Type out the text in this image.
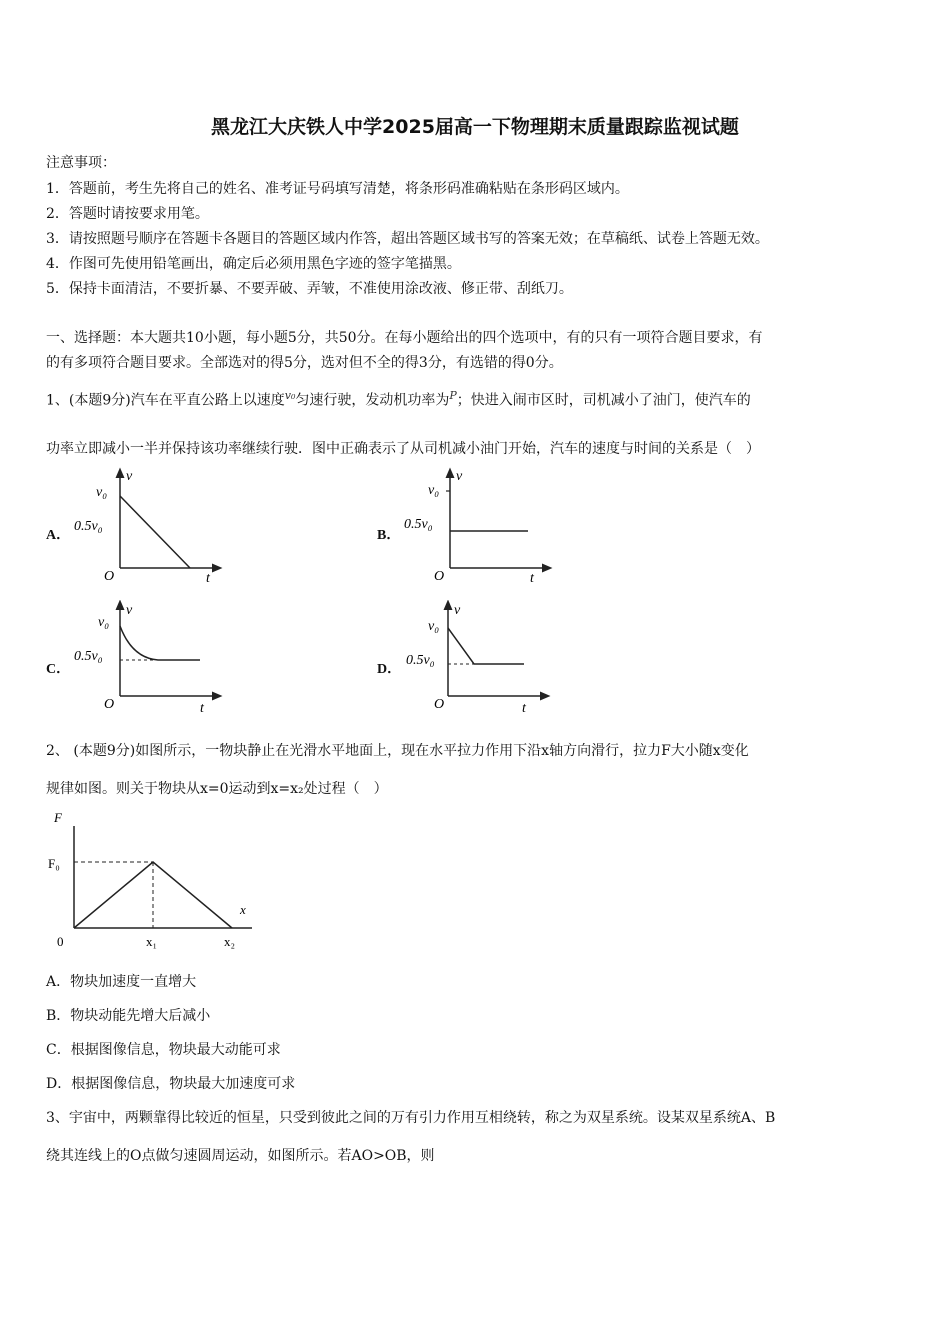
黑龙江大庆铁人中学2025届高一下物理期末质量跟踪监视试题
注意事项：
1．答题前，考生先将自己的姓名、准考证号码填写清楚，将条形码准确粘贴在条形码区域内。
2．答题时请按要求用笔。
3．请按照题号顺序在答题卡各题目的答题区域内作答，超出答题区域书写的答案无效；在草稿纸、试卷上答题无效。
4．作图可先使用铅笔画出，确定后必须用黑色字迹的签字笔描黑。
5．保持卡面清洁，不要折暴、不要弄破、弄皱，不准使用涂改液、修正带、刮纸刀。
一、选择题：本大题共10小题，每小题5分，共50分。在每小题给出的四个选项中，有的只有一项符合题目要求，有
的有多项符合题目要求。全部选对的得5分，选对但不全的得3分，有选错的得0分。
1、(本题9分)汽车在平直公路上以速度$^{v_0}$匀速行驶，发动机功率为$^P$；快进入闹市区时，司机减小了油门，使汽车的
功率立即减小一半并保持该功率继续行驶．图中正确表示了从司机减小油门开始，汽车的速度与时间的关系是（　）
A．	B．
C．	D．
v
v₀
0.5v₀
O	t
v
v₀
0.5v₀
O	t
v
v₀
0.5v₀
O	t
v
v₀
0.5v₀
O	t
2、 (本题9分)如图所示，一物块静止在光滑水平地面上，现在水平拉力作用下沿x轴方向滑行，拉力F大小随x变化
规律如图。则关于物块从x=0运动到x=x₂处过程（　）
F
F₀
x
0	x₁	x₂
A．物块加速度一直增大
B．物块动能先增大后减小
C．根据图像信息，物块最大动能可求
D．根据图像信息，物块最大加速度可求
3、宇宙中，两颗靠得比较近的恒星，只受到彼此之间的万有引力作用互相绕转，称之为双星系统。设某双星系统A、B
绕其连线上的O点做匀速圆周运动，如图所示。若AO>OB，则
